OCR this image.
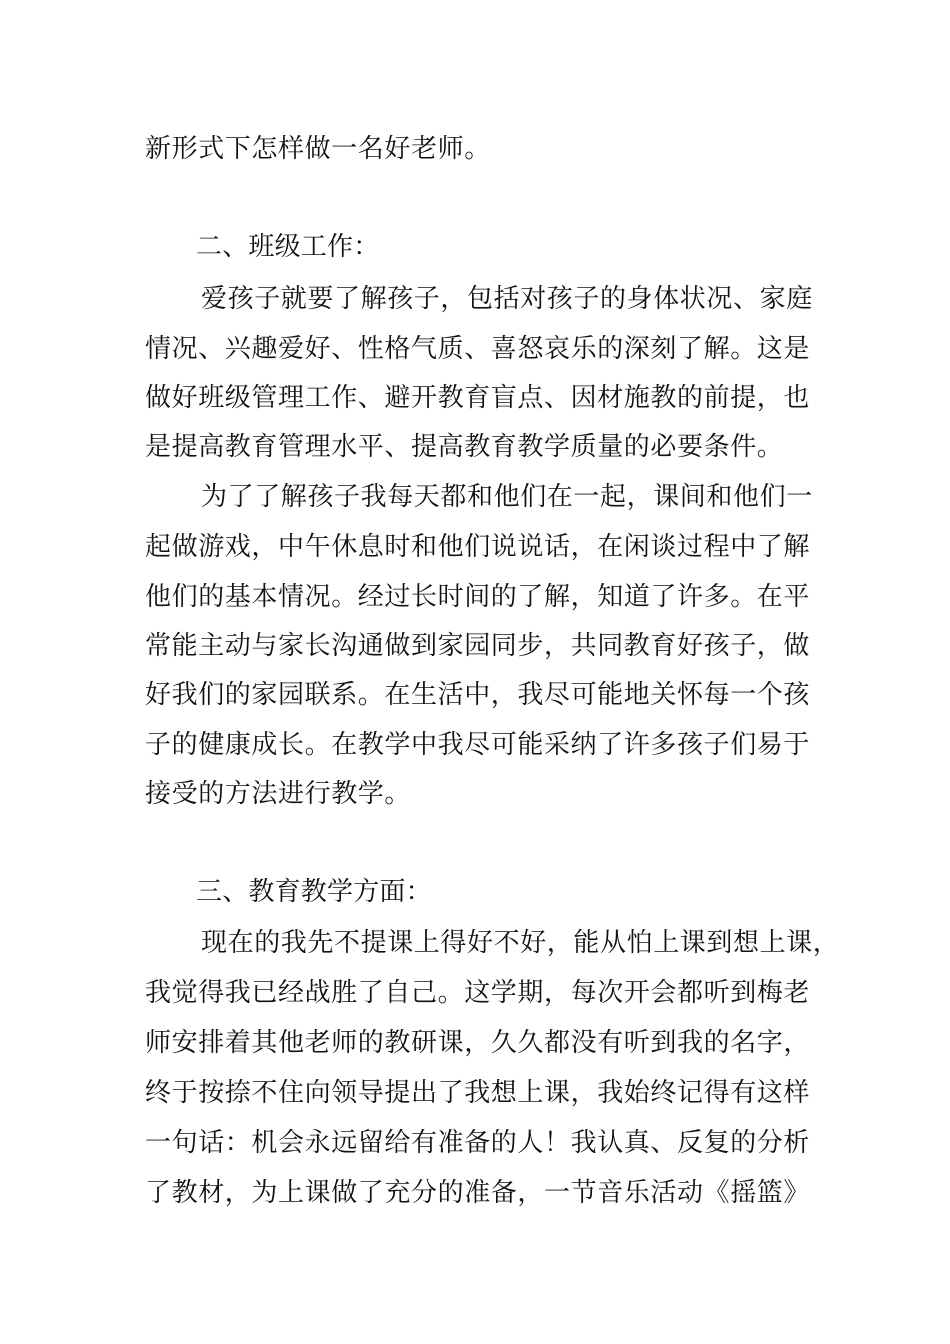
新形式下怎样做一名好老师。

二、班级工作：

爱孩子就要了解孩子，包括对孩子的身体状况、家庭

情况、兴趣爱好、性格气质、喜怒哀乐的深刻了解。这是

做好班级管理工作、避开教育盲点、因材施教的前提，也

是提高教育管理水平、提高教育教学质量的必要条件。

为了了解孩子我每天都和他们在一起，课间和他们一

起做游戏，中午休息时和他们说说话，在闲谈过程中了解

他们的基本情况。经过长时间的了解，知道了许多。在平

常能主动与家长沟通做到家园同步，共同教育好孩子，做

好我们的家园联系。在生活中，我尽可能地关怀每一个孩

子的健康成长。在教学中我尽可能采纳了许多孩子们易于

接受的方法进行教学。

三、教育教学方面：

现在的我先不提课上得好不好，能从怕上课到想上课，

我觉得我已经战胜了自己。这学期，每次开会都听到梅老

师安排着其他老师的教研课，久久都没有听到我的名字，

终于按捺不住向领导提出了我想上课，我始终记得有这样

一句话：机会永远留给有准备的人！我认真、反复的分析

了教材，为上课做了充分的准备，一节音乐活动《摇篮》
